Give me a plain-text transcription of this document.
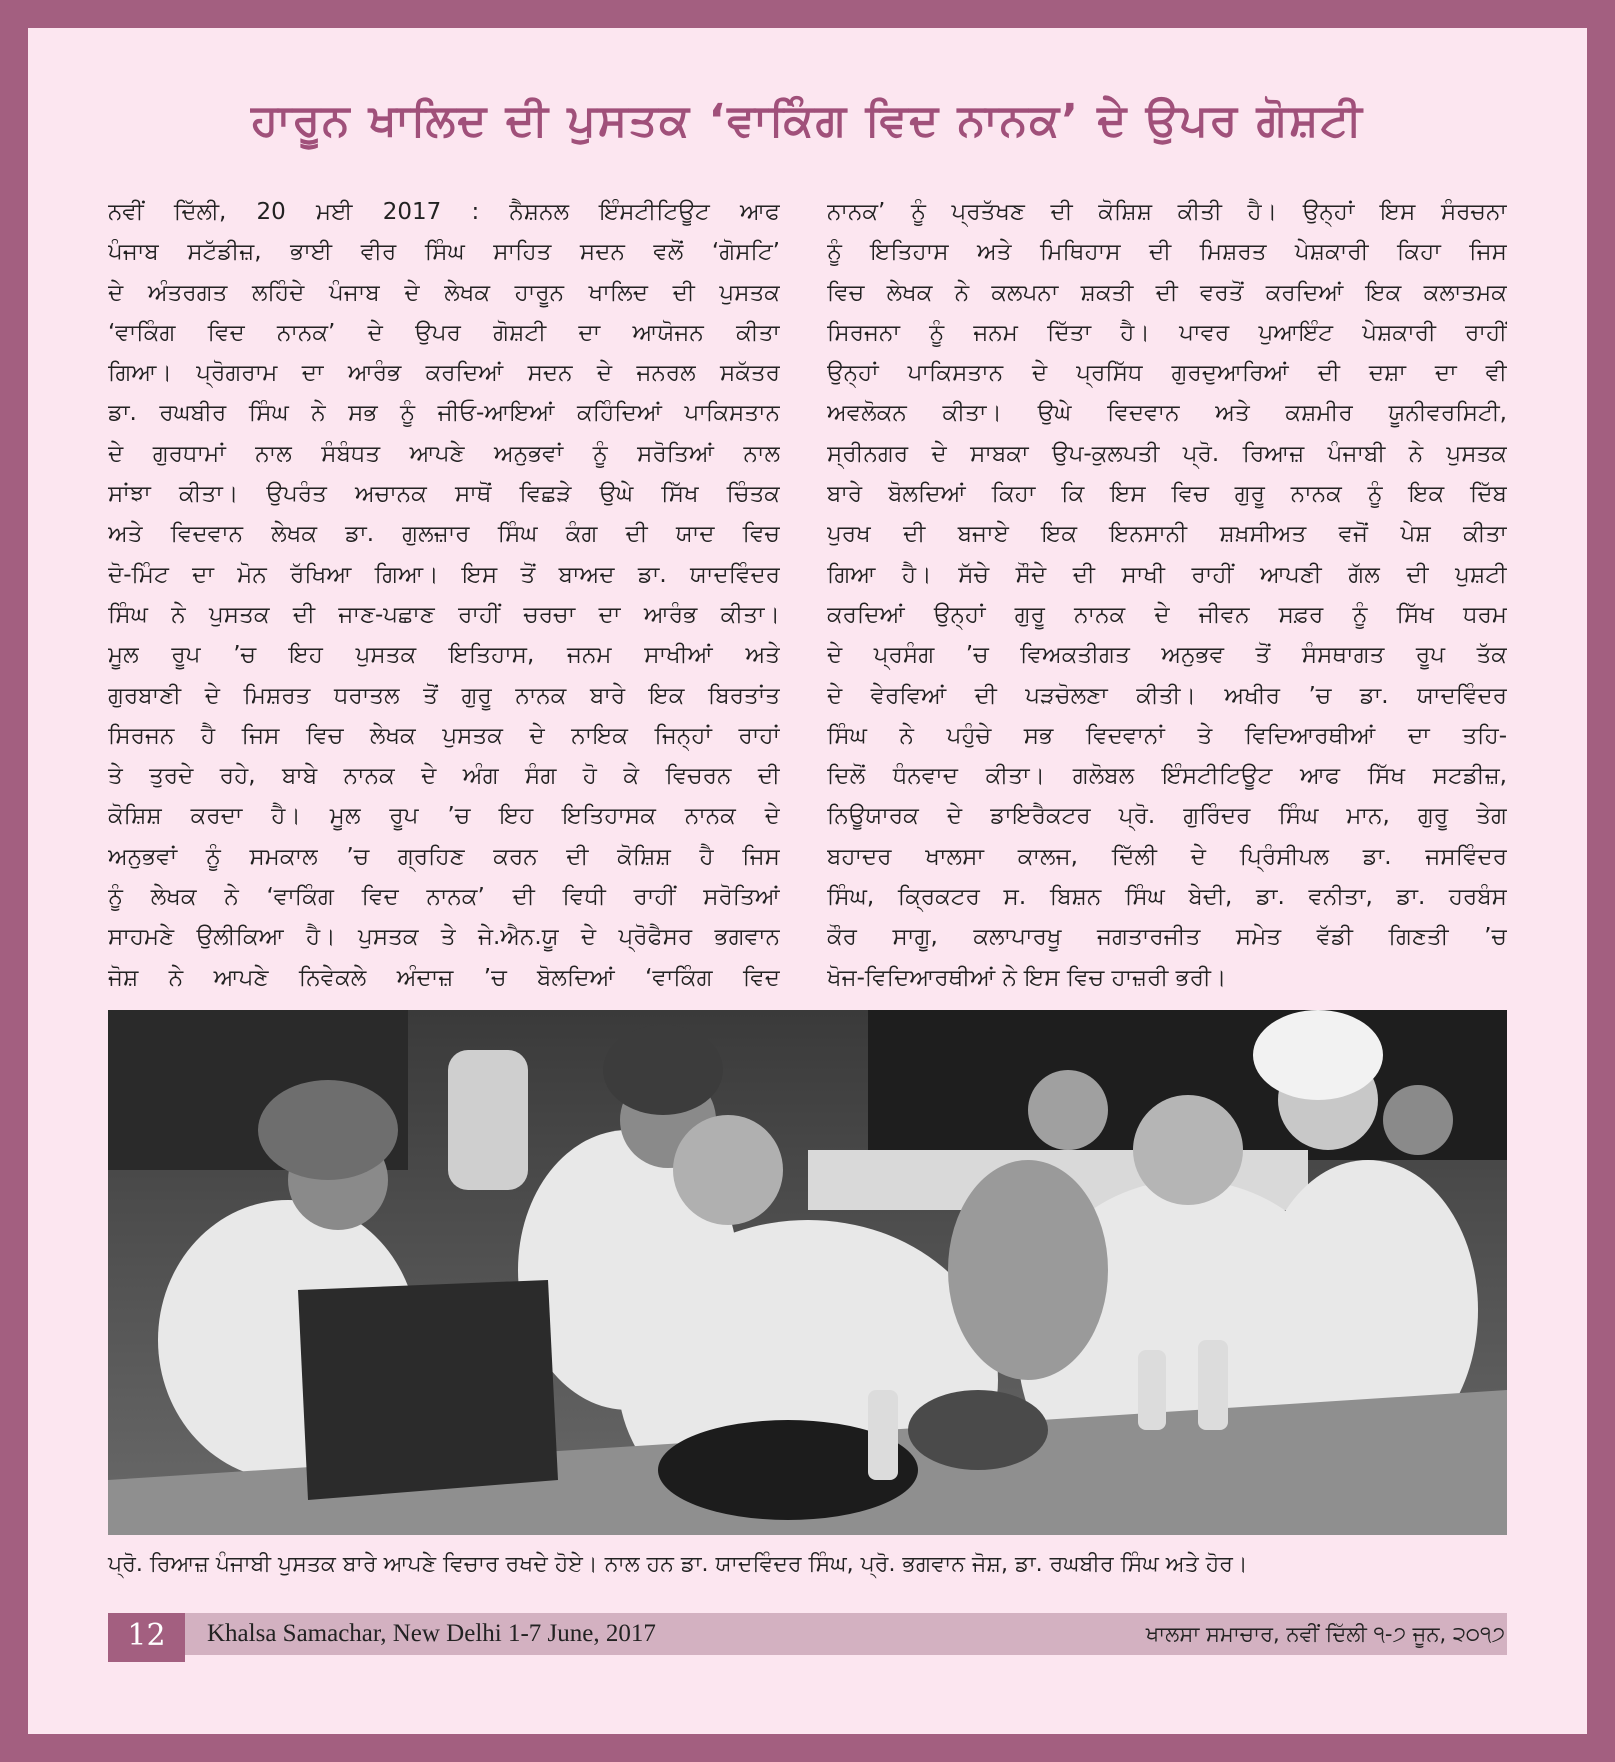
ਹਾਰੂਨ ਖਾਲਿਦ ਦੀ ਪੁਸਤਕ ‘ਵਾਕਿੰਗ ਵਿਦ ਨਾਨਕ’ ਦੇ ਉਪਰ ਗੋਸ਼ਟੀ
ਨਵੀਂ ਦਿੱਲੀ, 20 ਮਈ 2017 : ਨੈਸ਼ਨਲ ਇੰਸਟੀਟਿਊਟ ਆਫ
ਪੰਜਾਬ ਸਟੱਡੀਜ਼, ਭਾਈ ਵੀਰ ਸਿੰਘ ਸਾਹਿਤ ਸਦਨ ਵਲੋਂ ‘ਗੋਸਟਿ’
ਦੇ ਅੰਤਰਗਤ ਲਹਿੰਦੇ ਪੰਜਾਬ ਦੇ ਲੇਖਕ ਹਾਰੂਨ ਖਾਲਿਦ ਦੀ ਪੁਸਤਕ
‘ਵਾਕਿੰਗ ਵਿਦ ਨਾਨਕ’ ਦੇ ਉਪਰ ਗੋਸ਼ਟੀ ਦਾ ਆਯੋਜਨ ਕੀਤਾ
ਗਿਆ। ਪ੍ਰੋਗਰਾਮ ਦਾ ਆਰੰਭ ਕਰਦਿਆਂ ਸਦਨ ਦੇ ਜਨਰਲ ਸਕੱਤਰ
ਡਾ. ਰਘਬੀਰ ਸਿੰਘ ਨੇ ਸਭ ਨੂੰ ਜੀਓ-ਆਇਆਂ ਕਹਿੰਦਿਆਂ ਪਾਕਿਸਤਾਨ
ਦੇ ਗੁਰਧਾਮਾਂ ਨਾਲ ਸੰਬੰਧਤ ਆਪਣੇ ਅਨੁਭਵਾਂ ਨੂੰ ਸਰੋਤਿਆਂ ਨਾਲ
ਸਾਂਝਾ ਕੀਤਾ। ਉਪਰੰਤ ਅਚਾਨਕ ਸਾਥੋਂ ਵਿਛੜੇ ਉਘੇ ਸਿੱਖ ਚਿੰਤਕ
ਅਤੇ ਵਿਦਵਾਨ ਲੇਖਕ ਡਾ. ਗੁਲਜ਼ਾਰ ਸਿੰਘ ਕੰਗ ਦੀ ਯਾਦ ਵਿਚ
ਦੋ-ਮਿੰਟ ਦਾ ਮੋਨ ਰੱਖਿਆ ਗਿਆ। ਇਸ ਤੋਂ ਬਾਅਦ ਡਾ. ਯਾਦਵਿੰਦਰ
ਸਿੰਘ ਨੇ ਪੁਸਤਕ ਦੀ ਜਾਣ-ਪਛਾਣ ਰਾਹੀਂ ਚਰਚਾ ਦਾ ਆਰੰਭ ਕੀਤਾ।
ਮੂਲ ਰੂਪ ’ਚ ਇਹ ਪੁਸਤਕ ਇਤਿਹਾਸ, ਜਨਮ ਸਾਖੀਆਂ ਅਤੇ
ਗੁਰਬਾਣੀ ਦੇ ਮਿਸ਼ਰਤ ਧਰਾਤਲ ਤੋਂ ਗੁਰੂ ਨਾਨਕ ਬਾਰੇ ਇਕ ਬਿਰਤਾਂਤ
ਸਿਰਜਨ ਹੈ ਜਿਸ ਵਿਚ ਲੇਖਕ ਪੁਸਤਕ ਦੇ ਨਾਇਕ ਜਿਨ੍ਹਾਂ ਰਾਹਾਂ
ਤੇ ਤੁਰਦੇ ਰਹੇ, ਬਾਬੇ ਨਾਨਕ ਦੇ ਅੰਗ ਸੰਗ ਹੋ ਕੇ ਵਿਚਰਨ ਦੀ
ਕੋਸ਼ਿਸ਼ ਕਰਦਾ ਹੈ। ਮੂਲ ਰੂਪ ’ਚ ਇਹ ਇਤਿਹਾਸਕ ਨਾਨਕ ਦੇ
ਅਨੁਭਵਾਂ ਨੂੰ ਸਮਕਾਲ ’ਚ ਗ੍ਰਹਿਣ ਕਰਨ ਦੀ ਕੋਸ਼ਿਸ਼ ਹੈ ਜਿਸ
ਨੂੰ ਲੇਖਕ ਨੇ ‘ਵਾਕਿੰਗ ਵਿਦ ਨਾਨਕ’ ਦੀ ਵਿਧੀ ਰਾਹੀਂ ਸਰੋਤਿਆਂ
ਸਾਹਮਣੇ ਉਲੀਕਿਆ ਹੈ। ਪੁਸਤਕ ਤੇ ਜੇ.ਐਨ.ਯੂ ਦੇ ਪ੍ਰੋਫੈਸਰ ਭਗਵਾਨ
ਜੋਸ਼ ਨੇ ਆਪਣੇ ਨਿਵੇਕਲੇ ਅੰਦਾਜ਼ ’ਚ ਬੋਲਦਿਆਂ ‘ਵਾਕਿੰਗ ਵਿਦ
ਨਾਨਕ’ ਨੂੰ ਪ੍ਰਤੱਖਣ ਦੀ ਕੋਸ਼ਿਸ਼ ਕੀਤੀ ਹੈ। ਉਨ੍ਹਾਂ ਇਸ ਸੰਰਚਨਾ
ਨੂੰ ਇਤਿਹਾਸ ਅਤੇ ਮਿਥਿਹਾਸ ਦੀ ਮਿਸ਼ਰਤ ਪੇਸ਼ਕਾਰੀ ਕਿਹਾ ਜਿਸ
ਵਿਚ ਲੇਖਕ ਨੇ ਕਲਪਨਾ ਸ਼ਕਤੀ ਦੀ ਵਰਤੋਂ ਕਰਦਿਆਂ ਇਕ ਕਲਾਤਮਕ
ਸਿਰਜਨਾ ਨੂੰ ਜਨਮ ਦਿੱਤਾ ਹੈ। ਪਾਵਰ ਪੁਆਇੰਟ ਪੇਸ਼ਕਾਰੀ ਰਾਹੀਂ
ਉਨ੍ਹਾਂ ਪਾਕਿਸਤਾਨ ਦੇ ਪ੍ਰਸਿੱਧ ਗੁਰਦੁਆਰਿਆਂ ਦੀ ਦਸ਼ਾ ਦਾ ਵੀ
ਅਵਲੋਕਨ ਕੀਤਾ। ਉਘੇ ਵਿਦਵਾਨ ਅਤੇ ਕਸ਼ਮੀਰ ਯੂਨੀਵਰਸਿਟੀ,
ਸ੍ਰੀਨਗਰ ਦੇ ਸਾਬਕਾ ਉਪ-ਕੁਲਪਤੀ ਪ੍ਰੋ. ਰਿਆਜ਼ ਪੰਜਾਬੀ ਨੇ ਪੁਸਤਕ
ਬਾਰੇ ਬੋਲਦਿਆਂ ਕਿਹਾ ਕਿ ਇਸ ਵਿਚ ਗੁਰੂ ਨਾਨਕ ਨੂੰ ਇਕ ਦਿੱਬ
ਪੁਰਖ ਦੀ ਬਜਾਏ ਇਕ ਇਨਸਾਨੀ ਸ਼ਖ਼ਸੀਅਤ ਵਜੋਂ ਪੇਸ਼ ਕੀਤਾ
ਗਿਆ ਹੈ। ਸੱਚੇ ਸੌਦੇ ਦੀ ਸਾਖੀ ਰਾਹੀਂ ਆਪਣੀ ਗੱਲ ਦੀ ਪੁਸ਼ਟੀ
ਕਰਦਿਆਂ ਉਨ੍ਹਾਂ ਗੁਰੂ ਨਾਨਕ ਦੇ ਜੀਵਨ ਸਫ਼ਰ ਨੂੰ ਸਿੱਖ ਧਰਮ
ਦੇ ਪ੍ਰਸੰਗ ’ਚ ਵਿਅਕਤੀਗਤ ਅਨੁਭਵ ਤੋਂ ਸੰਸਥਾਗਤ ਰੂਪ ਤੱਕ
ਦੇ ਵੇਰਵਿਆਂ ਦੀ ਪੜਚੋਲਣਾ ਕੀਤੀ। ਅਖੀਰ ’ਚ ਡਾ. ਯਾਦਵਿੰਦਰ
ਸਿੰਘ ਨੇ ਪਹੁੰਚੇ ਸਭ ਵਿਦਵਾਨਾਂ ਤੇ ਵਿਦਿਆਰਥੀਆਂ ਦਾ ਤਹਿ-
ਦਿਲੋਂ ਧੰਨਵਾਦ ਕੀਤਾ। ਗਲੋਬਲ ਇੰਸਟੀਟਿਊਟ ਆਫ ਸਿੱਖ ਸਟਡੀਜ਼,
ਨਿਊਯਾਰਕ ਦੇ ਡਾਇਰੈਕਟਰ ਪ੍ਰੋ. ਗੁਰਿੰਦਰ ਸਿੰਘ ਮਾਨ, ਗੁਰੂ ਤੇਗ
ਬਹਾਦਰ ਖਾਲਸਾ ਕਾਲਜ, ਦਿੱਲੀ ਦੇ ਪ੍ਰਿੰਸੀਪਲ ਡਾ. ਜਸਵਿੰਦਰ
ਸਿੰਘ, ਕ੍ਰਿਕਟਰ ਸ. ਬਿਸ਼ਨ ਸਿੰਘ ਬੇਦੀ, ਡਾ. ਵਨੀਤਾ, ਡਾ. ਹਰਬੰਸ
ਕੌਰ ਸਾਗੂ, ਕਲਾਪਾਰਖੂ ਜਗਤਾਰਜੀਤ ਸਮੇਤ ਵੱਡੀ ਗਿਣਤੀ ’ਚ
ਖੋਜ-ਵਿਦਿਆਰਥੀਆਂ ਨੇ ਇਸ ਵਿਚ ਹਾਜ਼ਰੀ ਭਰੀ।
ਪ੍ਰੋ. ਰਿਆਜ਼ ਪੰਜਾਬੀ ਪੁਸਤਕ ਬਾਰੇ ਆਪਣੇ ਵਿਚਾਰ ਰਖਦੇ ਹੋਏ। ਨਾਲ ਹਨ ਡਾ. ਯਾਦਵਿੰਦਰ ਸਿੰਘ, ਪ੍ਰੋ. ਭਗਵਾਨ ਜੋਸ਼, ਡਾ. ਰਘਬੀਰ ਸਿੰਘ ਅਤੇ ਹੋਰ।
12	Khalsa Samachar, New Delhi 1-7 June, 2017	ਖਾਲਸਾ ਸਮਾਚਾਰ, ਨਵੀਂ ਦਿੱਲੀ ੧-੭ ਜੂਨ, ੨੦੧੭
